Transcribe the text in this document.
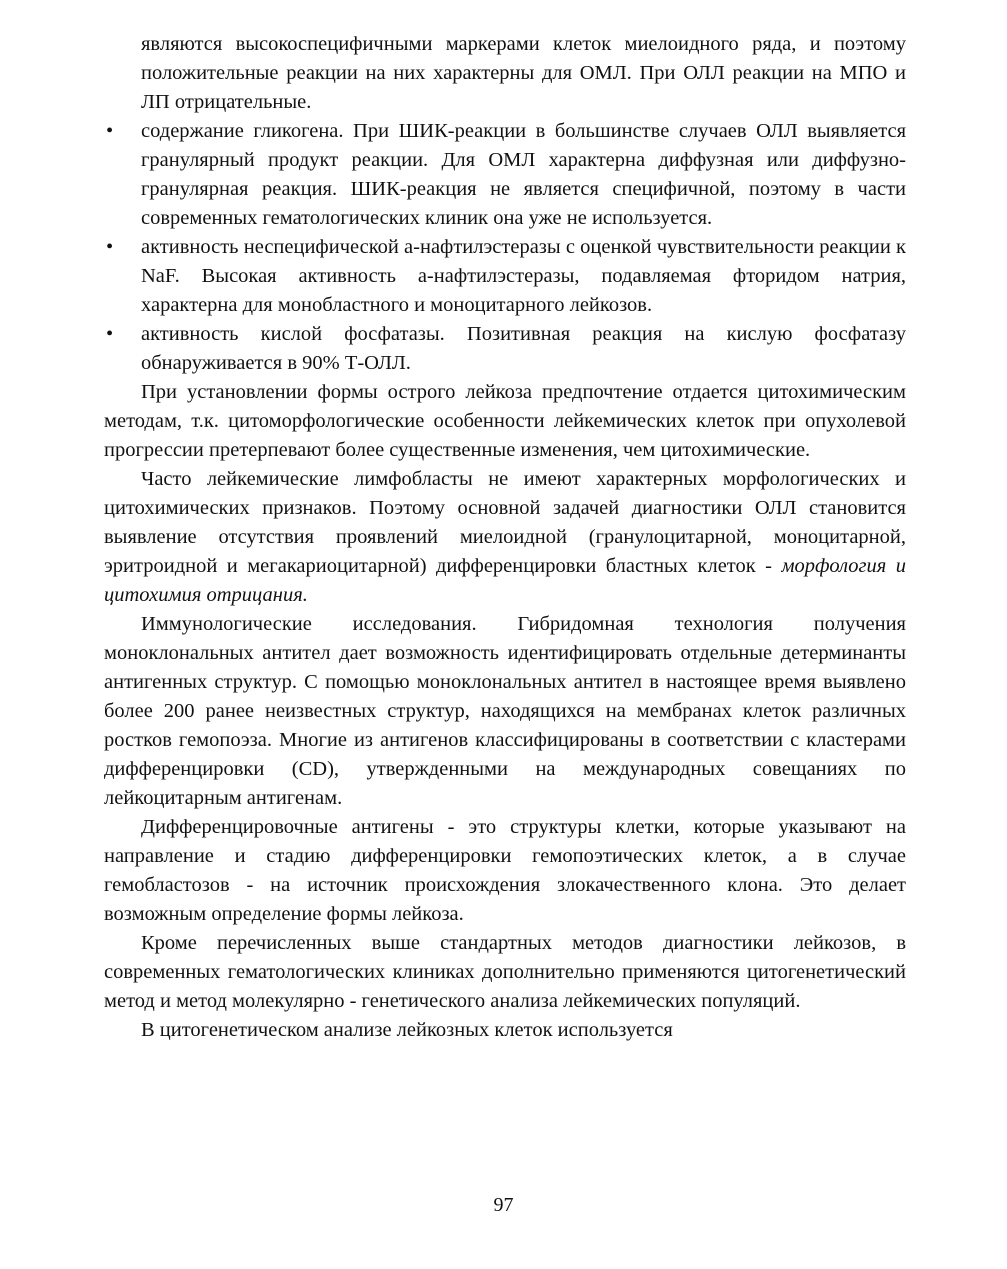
являются высокоспецифичными маркерами клеток миелоидного ряда, и поэтому положительные реакции на них характерны для ОМЛ. При ОЛЛ реакции на МПО и ЛП отрицательные.

• содержание гликогена. При ШИК-реакции в большинстве случаев ОЛЛ выявляется гранулярный продукт реакции. Для ОМЛ характерна диффузная или диффузно-гранулярная реакция. ШИК-реакция не является специфичной, поэтому в части современных гематологических клиник она уже не используется.
• активность неспецифической а-нафтилэстеразы с оценкой чувствительности реакции к NaF. Высокая активность а-нафтилэстеразы, подавляемая фторидом натрия, характерна для монобластного и моноцитарного лейкозов.
• активность кислой фосфатазы. Позитивная реакция на кислую фосфатазу обнаруживается в 90% Т-ОЛЛ.

При установлении формы острого лейкоза предпочтение отдается цитохимическим методам, т.к. цитоморфологические особенности лейкемических клеток при опухолевой прогрессии претерпевают более существенные изменения, чем цитохимические.

Часто лейкемические лимфобласты не имеют характерных морфологических и цитохимических признаков. Поэтому основной задачей диагностики ОЛЛ становится выявление отсутствия проявлений миелоидной (гранулоцитарной, моноцитарной, эритроидной и мегакариоцитарной) дифференцировки бластных клеток - морфология и цитохимия отрицания.

Иммунологические исследования. Гибридомная технология получения моноклональных антител дает возможность идентифицировать отдельные детерминанты антигенных структур. С помощью моноклональных антител в настоящее время выявлено более 200 ранее неизвестных структур, находящихся на мембранах клеток различных ростков гемопоэза. Многие из антигенов классифицированы в соответствии с кластерами дифференцировки (CD), утвержденными на международных совещаниях по лейкоцитарным антигенам.

Дифференцировочные антигены - это структуры клетки, которые указывают на направление и стадию дифференцировки гемопоэтических клеток, а в случае гемобластозов - на источник происхождения злокачественного клона. Это делает возможным определение формы лейкоза.

Кроме перечисленных выше стандартных методов диагностики лейкозов, в современных гематологических клиниках дополнительно применяются цитогенетический метод и метод молекулярно - генетического анализа лейкемических популяций.

В цитогенетическом анализе лейкозных клеток используется

97
